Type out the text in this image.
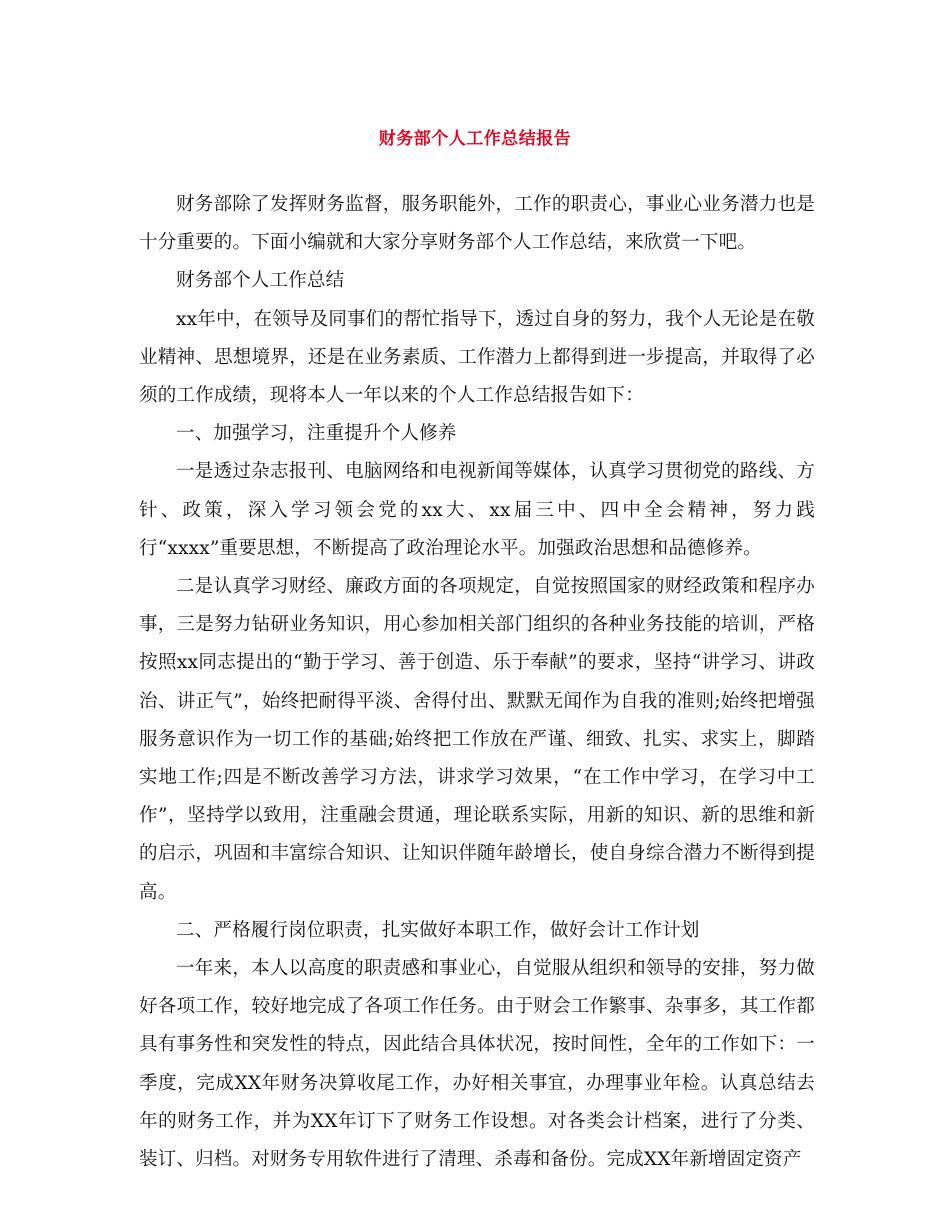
财务部个人工作总结报告

财务部除了发挥财务监督，服务职能外，工作的职责心，事业心业务潜力也是十分重要的。下面小编就和大家分享财务部个人工作总结，来欣赏一下吧。

财务部个人工作总结

xx年中，在领导及同事们的帮忙指导下，透过自身的努力，我个人无论是在敬业精神、思想境界，还是在业务素质、工作潜力上都得到进一步提高，并取得了必须的工作成绩，现将本人一年以来的个人工作总结报告如下：

一、加强学习，注重提升个人修养

一是透过杂志报刊、电脑网络和电视新闻等媒体，认真学习贯彻党的路线、方针、政策，深入学习领会党的xx大、xx届三中、四中全会精神，努力践行“xxxx”重要思想，不断提高了政治理论水平。加强政治思想和品德修养。

二是认真学习财经、廉政方面的各项规定，自觉按照国家的财经政策和程序办事，三是努力钻研业务知识，用心参加相关部门组织的各种业务技能的培训，严格按照xx同志提出的“勤于学习、善于创造、乐于奉献”的要求，坚持“讲学习、讲政治、讲正气”，始终把耐得平淡、舍得付出、默默无闻作为自我的准则;始终把增强服务意识作为一切工作的基础;始终把工作放在严谨、细致、扎实、求实上，脚踏实地工作;四是不断改善学习方法，讲求学习效果，“在工作中学习，在学习中工作”，坚持学以致用，注重融会贯通，理论联系实际，用新的知识、新的思维和新的启示，巩固和丰富综合知识、让知识伴随年龄增长，使自身综合潜力不断得到提高。

二、严格履行岗位职责，扎实做好本职工作，做好会计工作计划

一年来，本人以高度的职责感和事业心，自觉服从组织和领导的安排，努力做好各项工作，较好地完成了各项工作任务。由于财会工作繁事、杂事多，其工作都具有事务性和突发性的特点，因此结合具体状况，按时间性，全年的工作如下：一季度，完成XX年财务决算收尾工作，办好相关事宜，办理事业年检。认真总结去年的财务工作，并为XX年订下了财务工作设想。对各类会计档案，进行了分类、装订、归档。对财务专用软件进行了清理、杀毒和备份。完成XX年新增固定资产
